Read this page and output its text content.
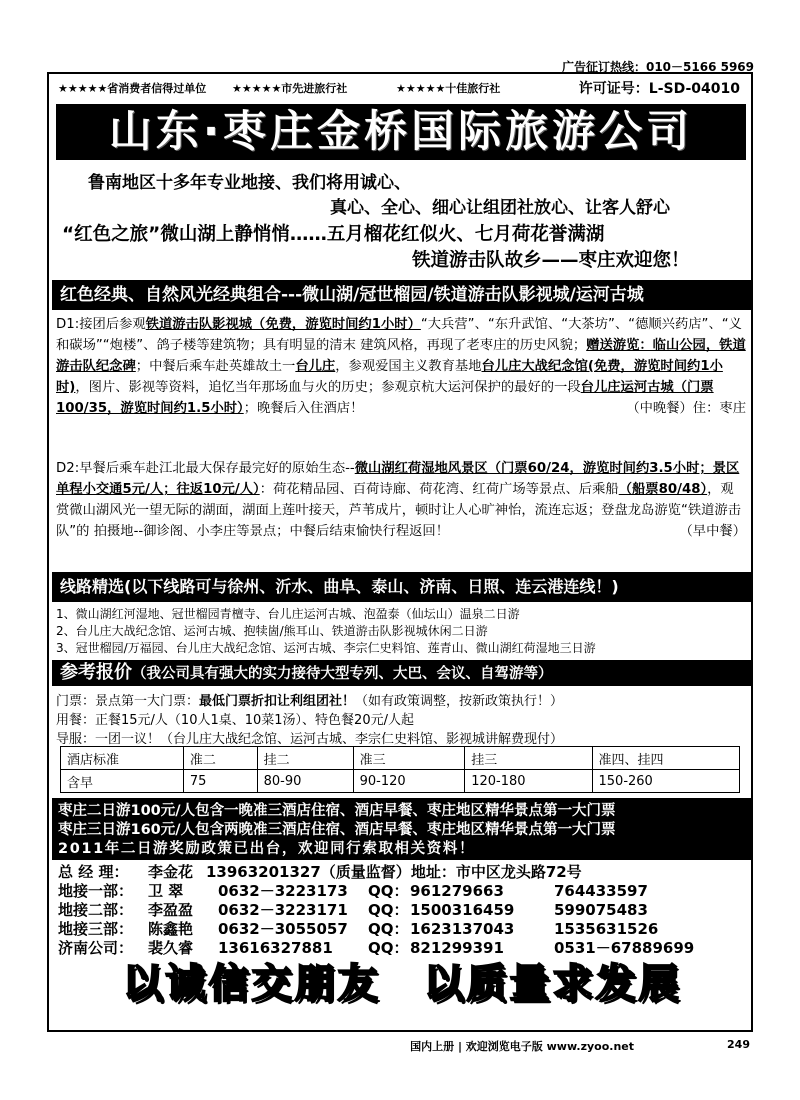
广告征订热线：010－5166 5969
★★★★★省消费者信得过单位 ★★★★★市先进旅行社	★★★★★十佳旅行社	许可证号：L-SD-04010
山东·枣庄金桥国际旅游公司
鲁南地区十多年专业地接、我们将用诚心、
真心、全心、细心让组团社放心、让客人舒心
“红色之旅”微山湖上静悄悄……五月榴花红似火、七月荷花誉满湖
铁道游击队故乡——枣庄欢迎您！
红色经典、自然风光经典组合---微山湖/冠世榴园/铁道游击队影视城/运河古城

D1:接团后参观铁道游击队影视城（免费，游览时间约1小时）“大兵营”、“东升武馆、“大茶坊”、“德顺兴药店”、“义和碳场”“炮楼”、鸽子楼等建筑物；具有明显的清末 建筑风格，再现了老枣庄的历史风貌；赠送游览：临山公园，铁道游击队纪念碑；中餐后乘车赴英雄故土一台儿庄，参观爱国主义教育基地台儿庄大战纪念馆(免费，游览时间约1小时)，图片、影视等资料，追忆当年那场血与火的历史；参观京杭大运河保护的最好的一段台儿庄运河古城（门票100/35，游览时间约1.5小时）；晚餐后入住酒店！	（中晚餐）住：枣庄

D2:早餐后乘车赴江北最大保存最完好的原始生态--微山湖红荷湿地风景区（门票60/24，游览时间约3.5小时；景区单程小交通5元/人；往返10元/人）：荷花精品园、百荷诗廊、荷花湾、红荷广场等景点、后乘船（船票80/48），观赏微山湖风光一望无际的湖面，湖面上莲叶接天，芦苇成片，顿时让人心旷神怡，流连忘返；登盘龙岛游览“铁道游击队”的 拍摄地--御诊阁、小李庄等景点；中餐后结束愉快行程返回！	（早中餐）

线路精选(以下线路可与徐州、沂水、曲阜、泰山、济南、日照、连云港连线！)
1、微山湖红河湿地、冠世榴园青檀寺、台儿庄运河古城、泡盈泰（仙坛山）温泉二日游
2、台儿庄大战纪念馆、运河古城、抱犊崮/熊耳山、铁道游击队影视城休闲二日游
3、冠世榴园/万福园、台儿庄大战纪念馆、运河古城、李宗仁史料馆、莲青山、微山湖红荷湿地三日游
参考报价（我公司具有强大的实力接待大型专列、大巴、会议、自驾游等）
门票：景点第一大门票：最低门票折扣让利组团社！（如有政策调整，按新政策执行！）
用餐：正餐15元/人（10人1桌、10菜1汤）、特色餐20元/人起
导服：一团一议！（台儿庄大战纪念馆、运河古城、李宗仁史料馆、影视城讲解费现付）
酒店标准	准二	挂二	准三	挂三	准四、挂四
含早	75	80-90	90-120	120-180	150-260
枣庄二日游100元/人包含一晚准三酒店住宿、酒店早餐、枣庄地区精华景点第一大门票
枣庄三日游160元/人包含两晚准三酒店住宿、酒店早餐、枣庄地区精华景点第一大门票
2011年二日游奖励政策已出台，欢迎同行索取相关资料！
总 经 理： 李金花 13963201327（质量监督）地址：市中区龙头路72号
地接一部： 卫 翠 0632－3223173 QQ：961279663	764433597
地接二部： 李盈盈 0632－3223171 QQ：1500316459	599075483
地接三部： 陈鑫艳 0632－3055057 QQ：1623137043	1535631526
济南公司： 裴久睿 13616327881 QQ：821299391	0531－67889699
以诚信交朋友　以质量求发展
国内上册 | 欢迎浏览电子版 www.zyoo.net	249
